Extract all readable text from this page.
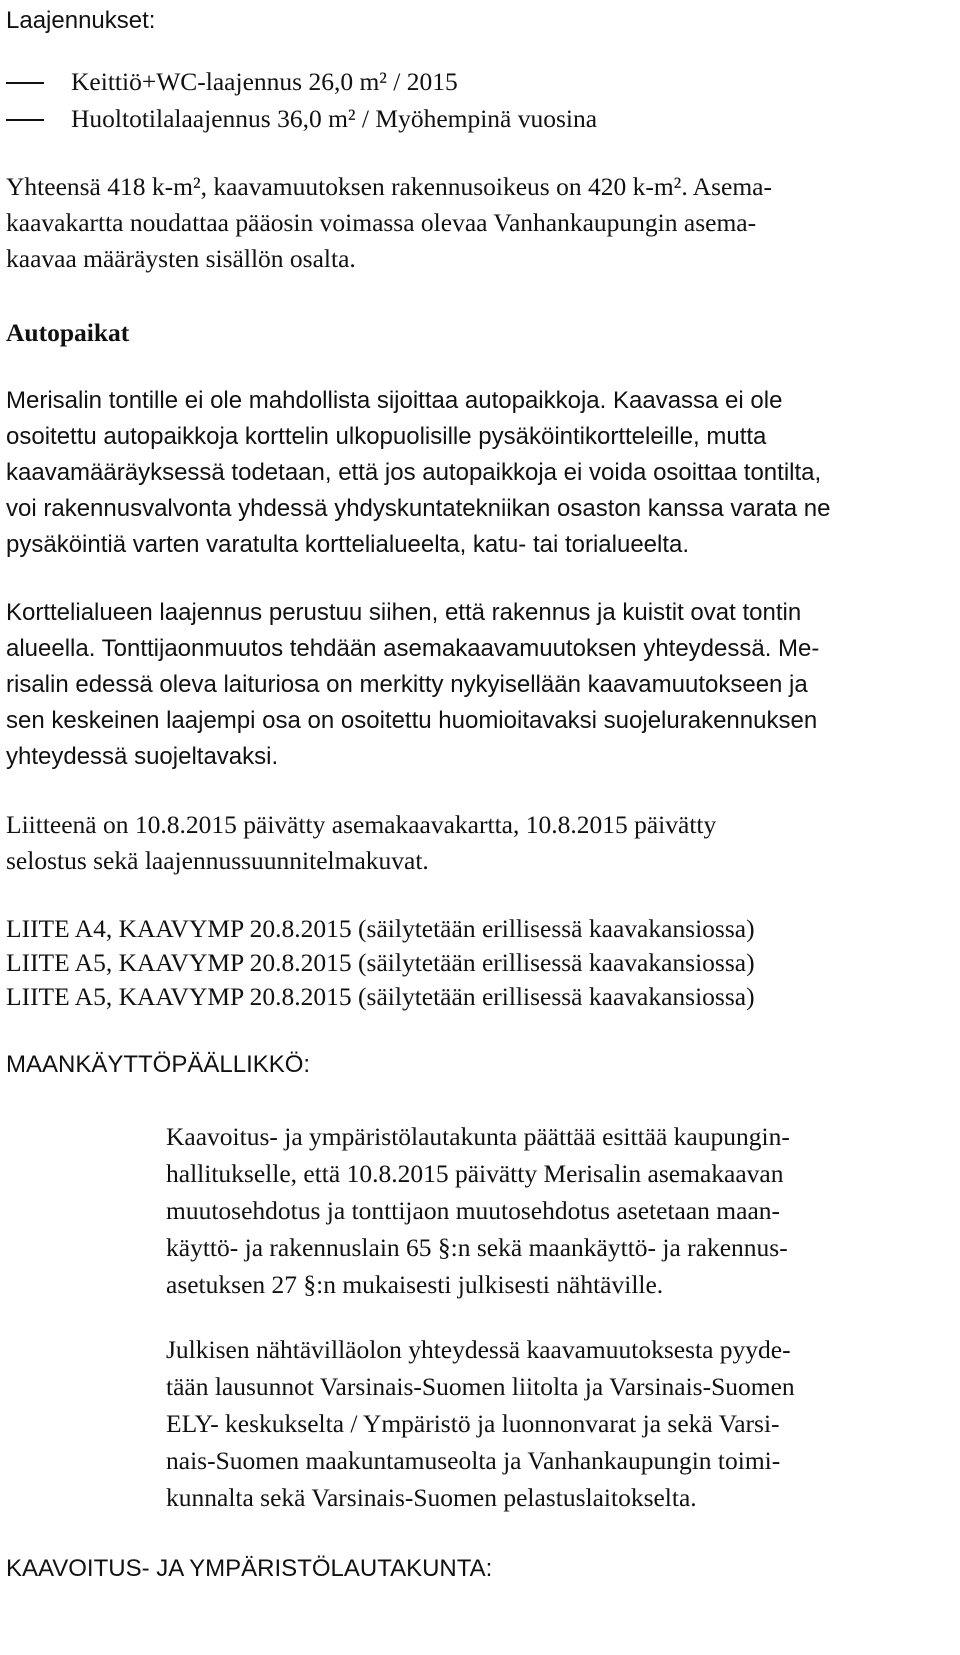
Laajennukset:
Keittiö+WC-laajennus 26,0 m² / 2015
Huoltotilalaajennus 36,0 m² / Myöhempinä vuosina
Yhteensä 418 k-m², kaavamuutoksen rakennusoikeus on 420 k-m². Asema-
kaavakartta noudattaa pääosin voimassa olevaa Vanhankaupungin asema-
kaavaa määräysten sisällön osalta.
Autopaikat
Merisalin tontille ei ole mahdollista sijoittaa autopaikkoja. Kaavassa ei ole
osoitettu autopaikkoja korttelin ulkopuolisille pysäköintikortteleille, mutta
kaavamääräyksessä todetaan, että jos autopaikkoja ei voida osoittaa tontilta,
voi rakennusvalvonta yhdessä yhdyskuntatekniikan osaston kanssa varata ne
pysäköintiä varten varatulta korttelialueelta, katu- tai torialueelta.
Korttelialueen laajennus perustuu siihen, että rakennus ja kuistit ovat tontin
alueella. Tonttijaonmuutos tehdään asemakaavamuutoksen yhteydessä. Me-
risalin edessä oleva laituriosa on merkitty nykyisellään kaavamuutokseen ja
sen keskeinen laajempi osa on osoitettu huomioitavaksi suojelurakennuksen
yhteydessä suojeltavaksi.
Liitteenä on 10.8.2015 päivätty asemakaavakartta, 10.8.2015 päivätty
selostus sekä laajennussuunnitelmakuvat.
LIITE A4, KAAVYMP 20.8.2015 (säilytetään erillisessä kaavakansiossa)
LIITE A5, KAAVYMP 20.8.2015 (säilytetään erillisessä kaavakansiossa)
LIITE A5, KAAVYMP 20.8.2015 (säilytetään erillisessä kaavakansiossa)
MAANKÄYTTÖPÄÄLLIKKÖ:
Kaavoitus- ja ympäristölautakunta päättää esittää kaupungin-
hallitukselle, että 10.8.2015 päivätty Merisalin asemakaavan
muutosehdotus ja tonttijaon muutosehdotus asetetaan maan-
käyttö- ja rakennuslain 65 §:n sekä maankäyttö- ja rakennus-
asetuksen 27 §:n mukaisesti julkisesti nähtäville.
Julkisen nähtävilläolon yhteydessä kaavamuutoksesta pyyde-
tään lausunnot Varsinais-Suomen liitolta ja Varsinais-Suomen
ELY- keskukselta / Ympäristö ja luonnonvarat ja sekä Varsi-
nais-Suomen maakuntamuseolta ja Vanhankaupungin toimi-
kunnalta sekä Varsinais-Suomen pelastuslaitokselta.
KAAVOITUS- JA YMPÄRISTÖLAUTAKUNTA:
